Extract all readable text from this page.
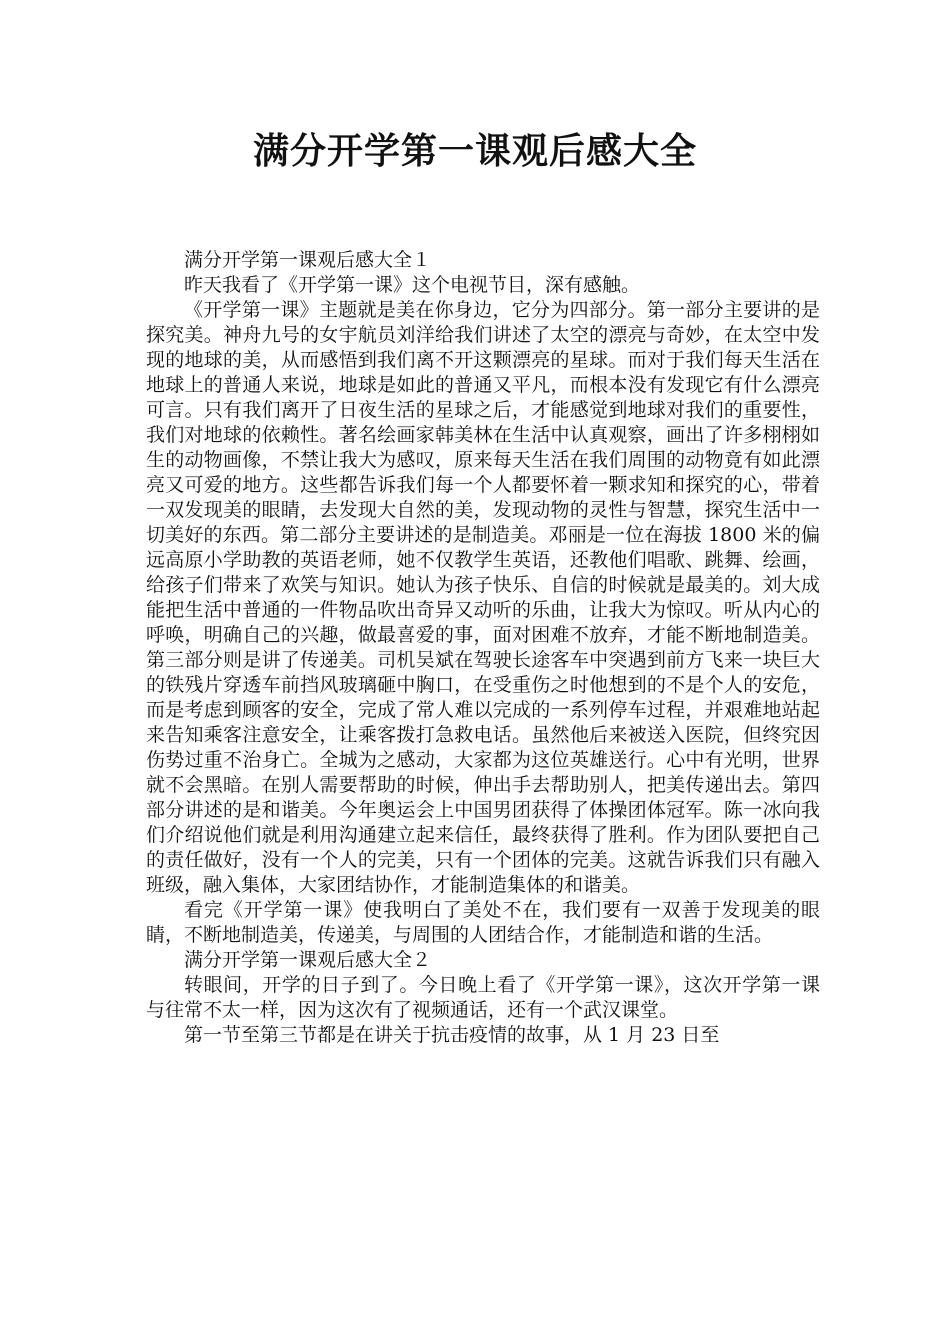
满分开学第一课观后感大全

满分开学第一课观后感大全１

昨天我看了《开学第一课》这个电视节目，深有感触。

《开学第一课》主题就是美在你身边，它分为四部分。第一部分主要讲的是探究美。神舟九号的女宇航员刘洋给我们讲述了太空的漂亮与奇妙，在太空中发现的地球的美，从而感悟到我们离不开这颗漂亮的星球。而对于我们每天生活在地球上的普通人来说，地球是如此的普通又平凡，而根本没有发现它有什么漂亮可言。只有我们离开了日夜生活的星球之后，才能感觉到地球对我们的重要性，我们对地球的依赖性。著名绘画家韩美林在生活中认真观察，画出了许多栩栩如生的动物画像，不禁让我大为感叹，原来每天生活在我们周围的动物竟有如此漂亮又可爱的地方。这些都告诉我们每一个人都要怀着一颗求知和探究的心，带着一双发现美的眼睛，去发现大自然的美，发现动物的灵性与智慧，探究生活中一切美好的东西。第二部分主要讲述的是制造美。邓丽是一位在海拔 1800 米的偏远高原小学助教的英语老师，她不仅教学生英语，还教他们唱歌、跳舞、绘画，给孩子们带来了欢笑与知识。她认为孩子快乐、自信的时候就是最美的。刘大成能把生活中普通的一件物品吹出奇异又动听的乐曲，让我大为惊叹。听从内心的呼唤，明确自己的兴趣，做最喜爱的事，面对困难不放弃，才能不断地制造美。第三部分则是讲了传递美。司机吴斌在驾驶长途客车中突遇到前方飞来一块巨大的铁残片穿透车前挡风玻璃砸中胸口，在受重伤之时他想到的不是个人的安危，而是考虑到顾客的安全，完成了常人难以完成的一系列停车过程，并艰难地站起来告知乘客注意安全，让乘客拨打急救电话。虽然他后来被送入医院，但终究因伤势过重不治身亡。全城为之感动，大家都为这位英雄送行。心中有光明，世界就不会黑暗。在别人需要帮助的时候，伸出手去帮助别人，把美传递出去。第四部分讲述的是和谐美。今年奥运会上中国男团获得了体操团体冠军。陈一冰向我们介绍说他们就是利用沟通建立起来信任，最终获得了胜利。作为团队要把自己的责任做好，没有一个人的完美，只有一个团体的完美。这就告诉我们只有融入班级，融入集体，大家团结协作，才能制造集体的和谐美。

看完《开学第一课》使我明白了美处不在，我们要有一双善于发现美的眼睛，不断地制造美，传递美，与周围的人团结合作，才能制造和谐的生活。

满分开学第一课观后感大全２

转眼间，开学的日子到了。今日晚上看了《开学第一课》，这次开学第一课与往常不太一样，因为这次有了视频通话，还有一个武汉课堂。

第一节至第三节都是在讲关于抗击疫情的故事，从 1 月 23 日至
